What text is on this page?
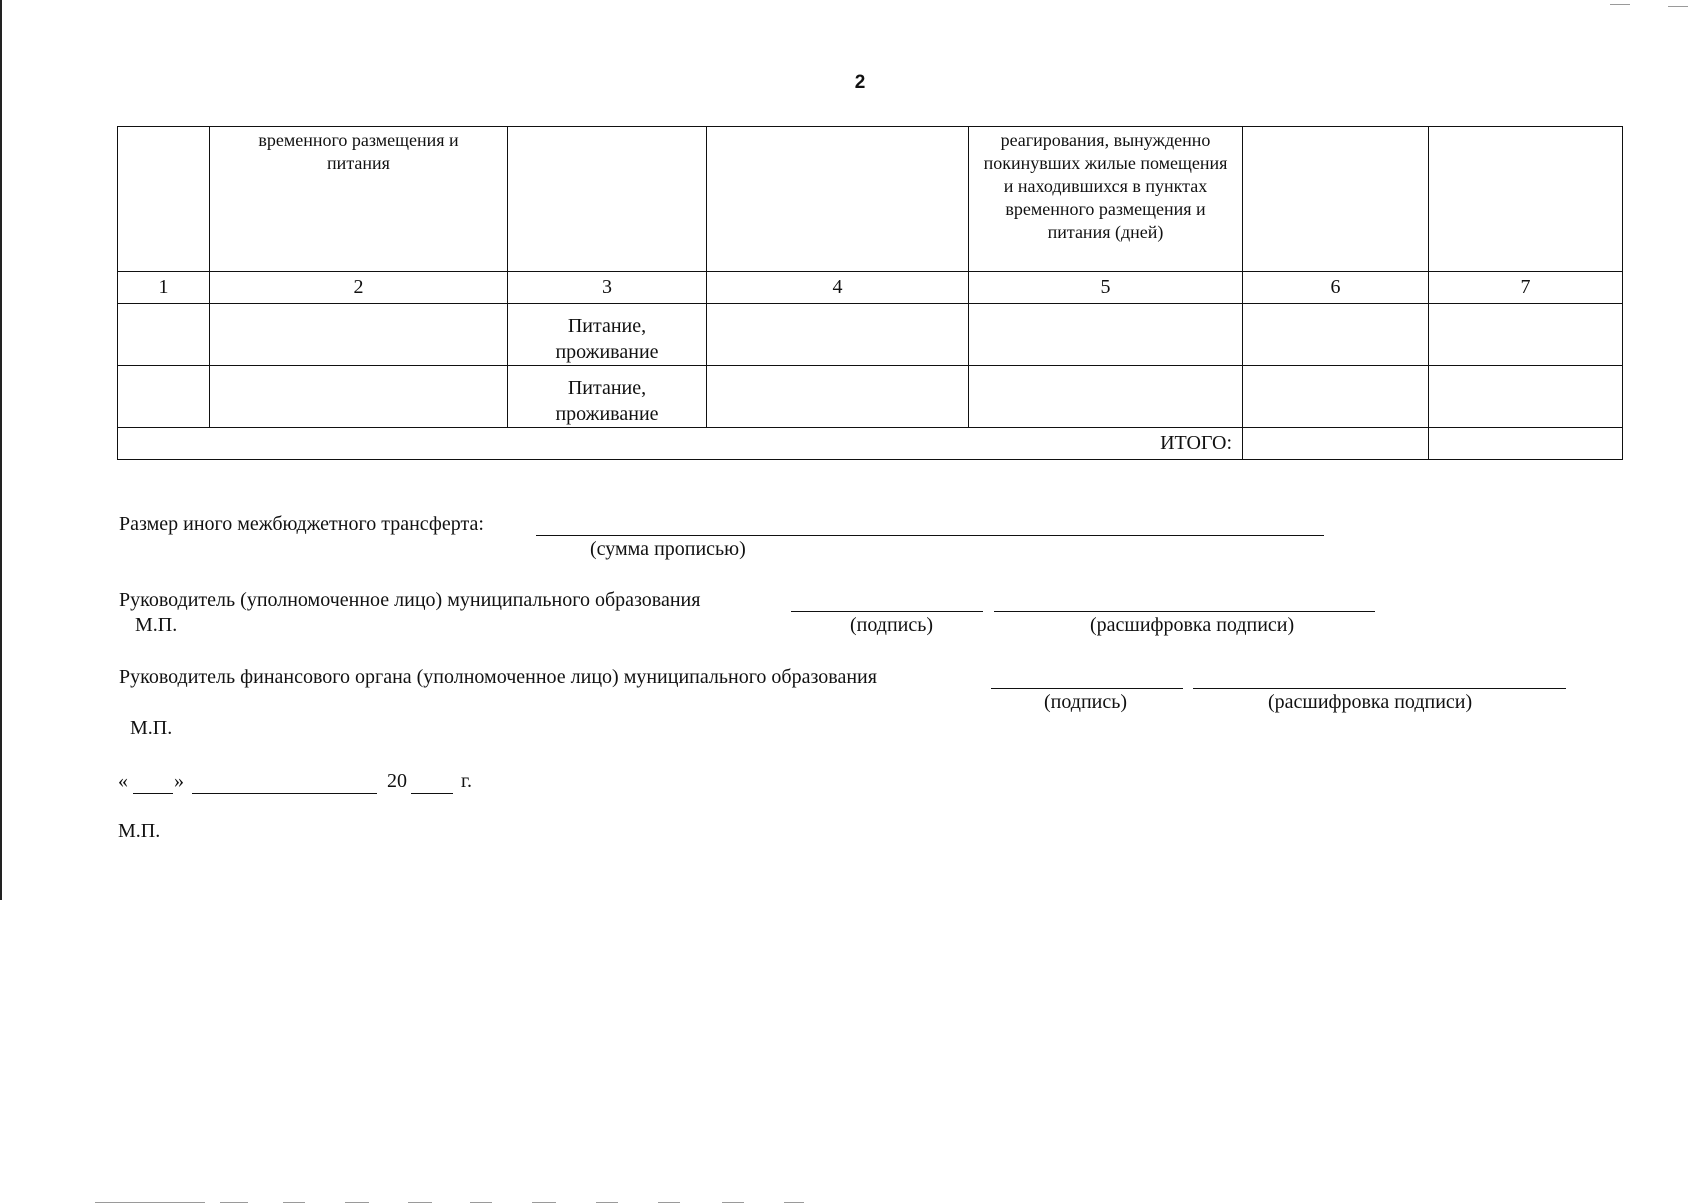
2
	временного размещения и питания			реагирования, вынужденно покинувших жилые помещения и находившихся в пунктах временного размещения и питания (дней)		
1	2	3	4	5	6	7
		Питание, проживание				
		Питание, проживание				
ИТОГО:						
Размер иного межбюджетного трансферта:
(сумма прописью)
Руководитель (уполномоченное лицо) муниципального образования
М.П.	(подпись)	(расшифровка подписи)
Руководитель финансового органа (уполномоченное лицо) муниципального образования
(подпись)	(расшифровка подписи)
М.П.
« »	20	г.
М.П.
